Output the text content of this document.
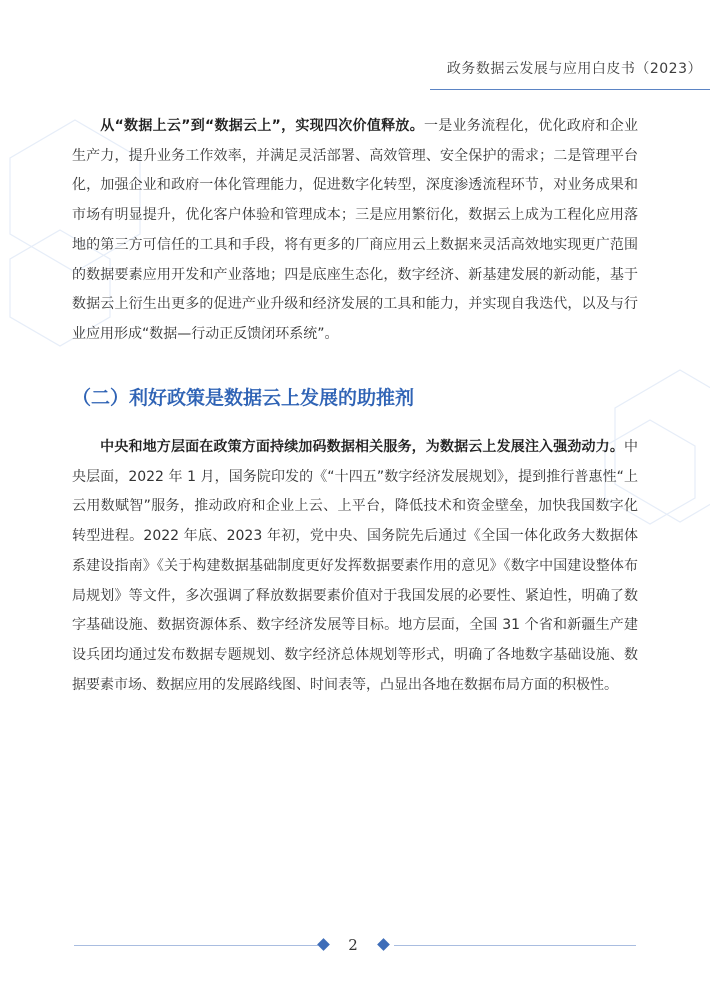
政务数据云发展与应用白皮书（2023）

从“数据上云”到“数据云上”，实现四次价值释放。一是业务流程化，优化政府和企业生产力，提升业务工作效率，并满足灵活部署、高效管理、安全保护的需求；二是管理平台化，加强企业和政府一体化管理能力，促进数字化转型，深度渗透流程环节，对业务成果和市场有明显提升，优化客户体验和管理成本；三是应用繁衍化，数据云上成为工程化应用落地的第三方可信任的工具和手段，将有更多的厂商应用云上数据来灵活高效地实现更广范围的数据要素应用开发和产业落地；四是底座生态化，数字经济、新基建发展的新动能，基于数据云上衍生出更多的促进产业升级和经济发展的工具和能力，并实现自我迭代，以及与行业应用形成“数据—行动正反馈闭环系统”。

（二）利好政策是数据云上发展的助推剂

中央和地方层面在政策方面持续加码数据相关服务，为数据云上发展注入强劲动力。中央层面，2022 年 1 月，国务院印发的《“十四五”数字经济发展规划》，提到推行普惠性“上云用数赋智”服务，推动政府和企业上云、上平台，降低技术和资金壁垒，加快我国数字化转型进程。2022 年底、2023 年初，党中央、国务院先后通过《全国一体化政务大数据体系建设指南》《关于构建数据基础制度更好发挥数据要素作用的意见》《数字中国建设整体布局规划》等文件，多次强调了释放数据要素价值对于我国发展的必要性、紧迫性，明确了数字基础设施、数据资源体系、数字经济发展等目标。地方层面，全国 31 个省和新疆生产建设兵团均通过发布数据专题规划、数字经济总体规划等形式，明确了各地数字基础设施、数据要素市场、数据应用的发展路线图、时间表等，凸显出各地在数据布局方面的积极性。

2
